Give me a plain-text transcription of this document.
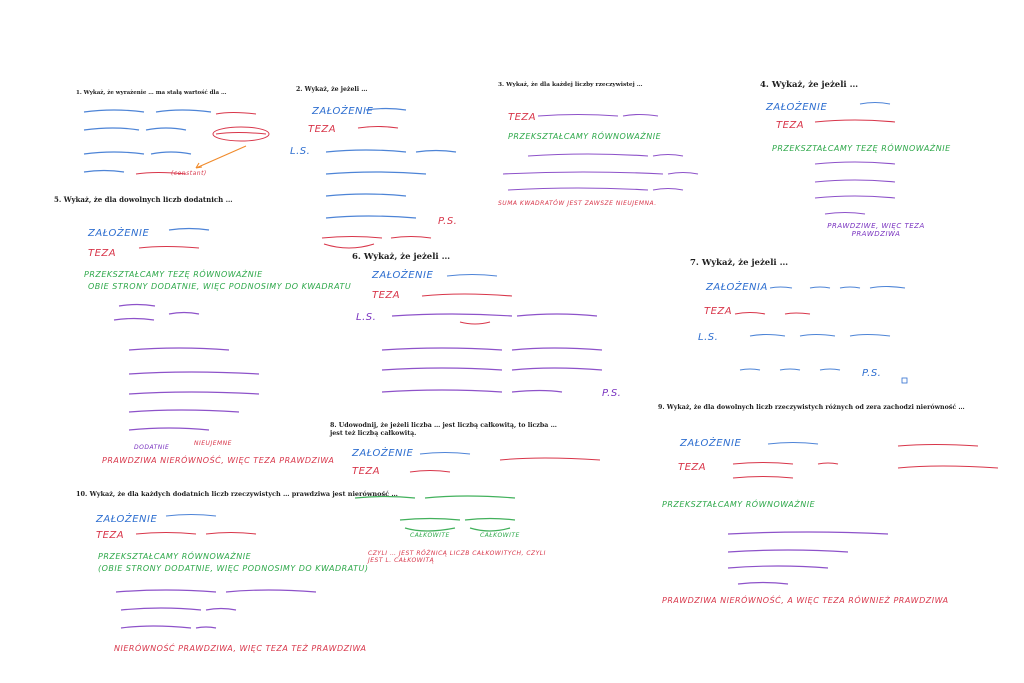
1. Wykaż, że wyrażenie … ma stałą wartość dla …
(constant)
2. Wykaż, że jeżeli …
ZAŁOŻENIE
TEZA
L.S.
P.S.
3. Wykaż, że dla każdej liczby rzeczywistej …
TEZA
PRZEKSZTAŁCAMY RÓWNOWAŻNIE
SUMA KWADRATÓW JEST ZAWSZE NIEUJEMNA.
4. Wykaż, że jeżeli …
ZAŁOŻENIE
TEZA
PRZEKSZTAŁCAMY TEZĘ RÓWNOWAŻNIE
PRAWDZIWE, WIĘC TEZA PRAWDZIWA
5. Wykaż, że dla dowolnych liczb dodatnich …
ZAŁOŻENIE
TEZA
PRZEKSZTAŁCAMY TEZĘ RÓWNOWAŻNIE
OBIE STRONY DODATNIE, WIĘC PODNOSIMY DO KWADRATU
DODATNIE
NIEUJEMNE
PRAWDZIWA NIERÓWNOŚĆ, WIĘC TEZA PRAWDZIWA
6. Wykaż, że jeżeli …
ZAŁOŻENIE
TEZA
L.S.
P.S.
7. Wykaż, że jeżeli …
ZAŁOŻENIA
TEZA
L.S.
P.S.
8. Udowodnij, że jeżeli liczba … jest liczbą całkowitą, to liczba … jest też liczbą całkowitą.
ZAŁOŻENIE
TEZA
CAŁKOWITE	CAŁKOWITE
CZYLI … JEST RÓŻNICĄ LICZB CAŁKOWITYCH, CZYLI JEST L. CAŁKOWITĄ
9. Wykaż, że dla dowolnych liczb rzeczywistych różnych od zera zachodzi nierówność …
ZAŁOŻENIE
TEZA
PRZEKSZTAŁCAMY RÓWNOWAŻNIE
PRAWDZIWA NIERÓWNOŚĆ, A WIĘC TEZA RÓWNIEŻ PRAWDZIWA
10. Wykaż, że dla każdych dodatnich liczb rzeczywistych … prawdziwa jest nierówność …
ZAŁOŻENIE
TEZA
PRZEKSZTAŁCAMY RÓWNOWAŻNIE
(OBIE STRONY DODATNIE, WIĘC PODNOSIMY DO KWADRATU)
NIERÓWNOŚĆ PRAWDZIWA, WIĘC TEZA TEŻ PRAWDZIWA
